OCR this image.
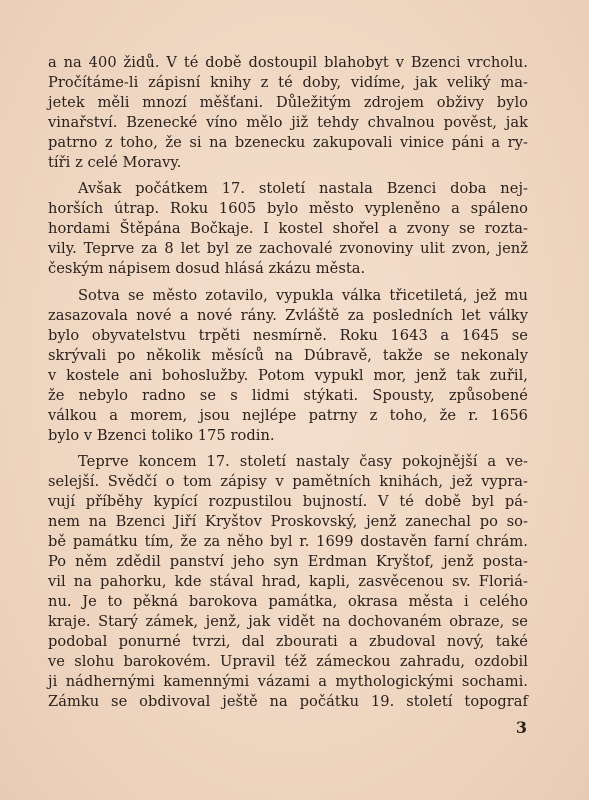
a na 400 židů. V té době dostoupil blahobyt v Bzenci vrcholu.
Pročítáme-li zápisní knihy z té doby, vidíme, jak veliký ma-
jetek měli mnozí měšťani. Důležitým zdrojem obživy bylo
vinařství. Bzenecké víno mělo již tehdy chvalnou pověst, jak
patrno z toho, že si na bzenecku zakupovali vinice páni a ry-
tíři z celé Moravy.
Avšak počátkem 17. století nastala Bzenci doba nej-
horších útrap. Roku 1605 bylo město vypleněno a spáleno
hordami Štěpána Bočkaje. I kostel shořel a zvony se rozta-
vily. Teprve za 8 let byl ze zachovalé zvonoviny ulit zvon, jenž
českým nápisem dosud hlásá zkázu města.
Sotva se město zotavilo, vypukla válka třicetiletá, jež mu
zasazovala nové a nové rány. Zvláště za posledních let války
bylo obyvatelstvu trpěti nesmírně. Roku 1643 a 1645 se
skrývali po několik měsíců na Dúbravě, takže se nekonaly
v kostele ani bohoslužby. Potom vypukl mor, jenž tak zuřil,
že nebylo radno se s lidmi stýkati. Spousty, způsobené
válkou a morem, jsou nejlépe patrny z toho, že r. 1656
bylo v Bzenci toliko 175 rodin.
Teprve koncem 17. století nastaly časy pokojnější a ve-
selejší. Svědčí o tom zápisy v pamětních knihách, jež vypra-
vují příběhy kypící rozpustilou bujností. V té době byl pá-
nem na Bzenci Jiří Kryštov Proskovský, jenž zanechal po so-
bě památku tím, že za něho byl r. 1699 dostavěn farní chrám.
Po něm zdědil panství jeho syn Erdman Kryštof, jenž posta-
vil na pahorku, kde stával hrad, kapli, zasvěcenou sv. Floriá-
nu. Je to pěkná barokova památka, okrasa města i celého
kraje. Starý zámek, jenž, jak vidět na dochovaném obraze, se
podobal ponurné tvrzi, dal zbourati a zbudoval nový, také
ve slohu barokovém. Upravil též zámeckou zahradu, ozdobil
ji nádhernými kamennými vázami a mythologickými sochami.
Zámku se obdivoval ještě na počátku 19. století topograf
3
